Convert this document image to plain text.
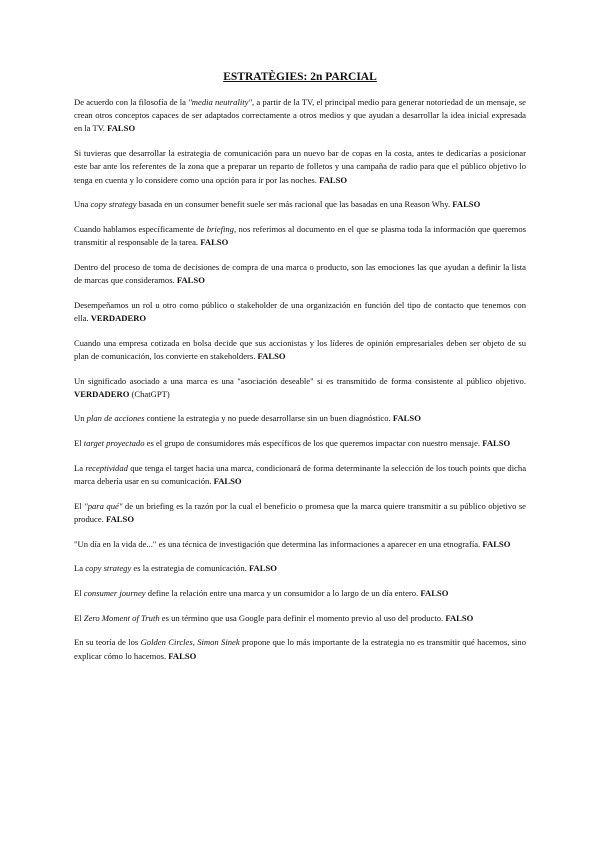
ESTRATÈGIES: 2n PARCIAL

De acuerdo con la filosofía de la "media neutrality", a partir de la TV, el principal medio para generar notoriedad de un mensaje, se crean otros conceptos capaces de ser adaptados correctamente a otros medios y que ayudan a desarrollar la idea inicial expresada en la TV. FALSO

Si tuvieras que desarrollar la estrategia de comunicación para un nuevo bar de copas en la costa, antes te dedicarías a posicionar este bar ante los referentes de la zona que a preparar un reparto de folletos y una campaña de radio para que el público objetivo lo tenga en cuenta y lo considere como una opción para ir por las noches. FALSO

Una copy strategy basada en un consumer benefit suele ser más racional que las basadas en una Reason Why. FALSO

Cuando hablamos específicamente de briefing, nos referimos al documento en el que se plasma toda la información que queremos transmitir al responsable de la tarea. FALSO

Dentro del proceso de toma de decisiones de compra de una marca o producto, son las emociones las que ayudan a definir la lista de marcas que consideramos. FALSO

Desempeñamos un rol u otro como público o stakeholder de una organización en función del tipo de contacto que tenemos con ella. VERDADERO

Cuando una empresa cotizada en bolsa decide que sus accionistas y los líderes de opinión empresariales deben ser objeto de su plan de comunicación, los convierte en stakeholders. FALSO

Un significado asociado a una marca es una "asociación deseable" si es transmitido de forma consistente al público objetivo. VERDADERO (ChatGPT)

Un plan de acciones contiene la estrategia y no puede desarrollarse sin un buen diagnóstico. FALSO

El target proyectado es el grupo de consumidores más específicos de los que queremos impactar con nuestro mensaje. FALSO

La receptividad que tenga el target hacia una marca, condicionará de forma determinante la selección de los touch points que dicha marca debería usar en su comunicación. FALSO

El "para qué" de un briefing es la razón por la cual el beneficio o promesa que la marca quiere transmitir a su público objetivo se produce. FALSO

"Un día en la vida de..." es una técnica de investigación que determina las informaciones a aparecer en una etnografía. FALSO

La copy strategy es la estrategia de comunicación. FALSO

El consumer journey define la relación entre una marca y un consumidor a lo largo de un día entero. FALSO

El Zero Moment of Truth es un término que usa Google para definir el momento previo al uso del producto. FALSO

En su teoría de los Golden Circles, Simon Sinek propone que lo más importante de la estrategia no es transmitir qué hacemos, sino explicar cómo lo hacemos. FALSO
